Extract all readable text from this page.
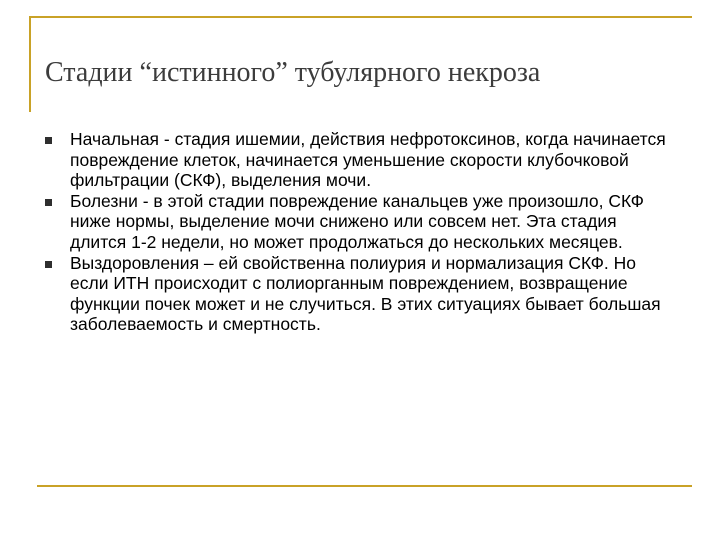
Стадии “истинного” тубулярного некроза
Начальная - стадия ишемии, действия нефротоксинов, когда начинается повреждение клеток, начинается уменьшение скорости клубочковой фильтрации (СКФ), выделения мочи.
Болезни - в этой стадии повреждение канальцев уже произошло, СКФ ниже нормы, выделение мочи снижено или совсем нет. Эта стадия длится 1-2 недели, но может продолжаться до нескольких месяцев.
Выздоровления – ей свойственна полиурия и нормализация СКФ. Но если ИТН происходит с полиорганным повреждением, возвращение функции почек может и не случиться. В этих ситуациях бывает большая заболеваемость и смертность.
